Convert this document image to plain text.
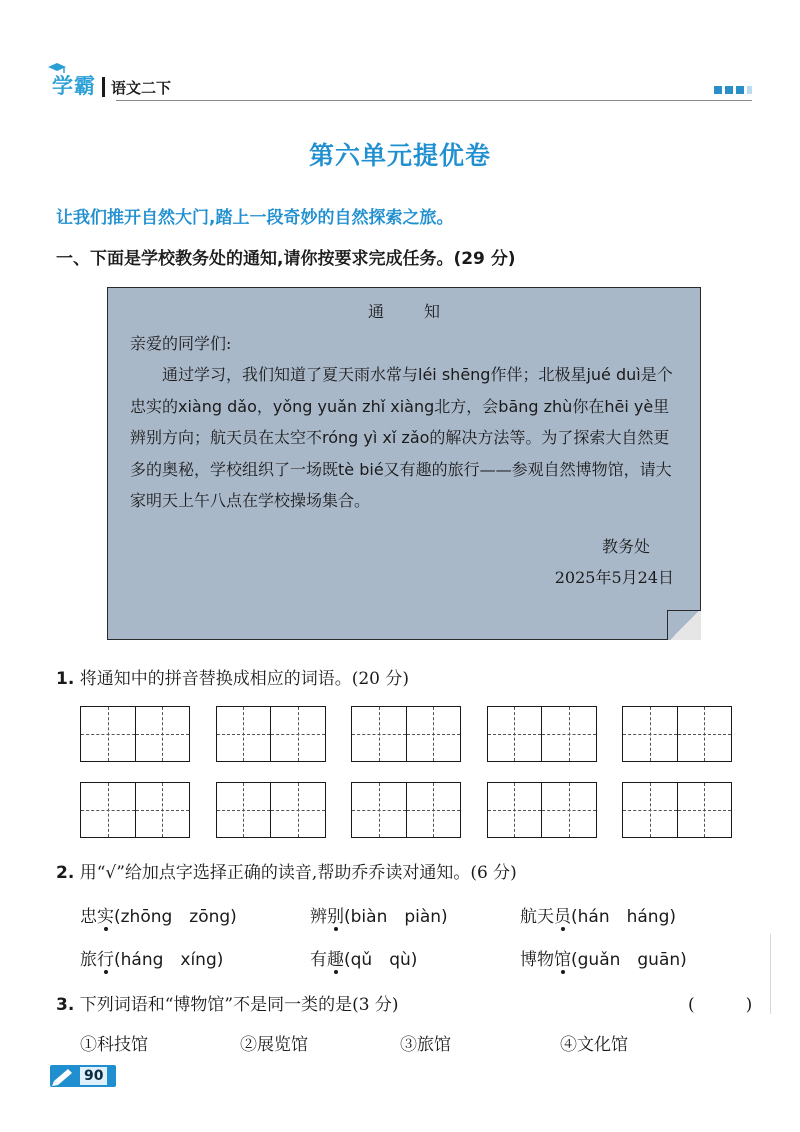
学霸 语文二下
第六单元提优卷
让我们推开自然大门,踏上一段奇妙的自然探索之旅。
一、下面是学校教务处的通知,请你按要求完成任务。(29 分)
通知
亲爱的同学们:
通过学习，我们知道了夏天雨水常与léi shēng作伴；北极星jué duì是个忠实的xiàng dǎo，yǒng yuǎn zhǐ xiàng北方，会bāng zhù你在hēi yè里辨别方向；航天员在太空不róng yì xǐ zǎo的解决方法等。为了探索大自然更多的奥秘，学校组织了一场既tè bié又有趣的旅行——参观自然博物馆，请大家明天上午八点在学校操场集合。
教务处
2025年5月24日
1. 将通知中的拼音替换成相应的词语。(20 分)
2. 用“√”给加点字选择正确的读音,帮助乔乔读对通知。(6 分)
忠实(zhōng　zōng)	辨别(biàn　piàn)	航天员(hán　háng)
旅行(háng　xíng)	有趣(qǔ　qù)	博物馆(guǎn　guān)
3. 下列词语和“博物馆”不是同一类的是(3 分)	(　　　)
①科技馆	②展览馆	③旅馆	④文化馆
90
